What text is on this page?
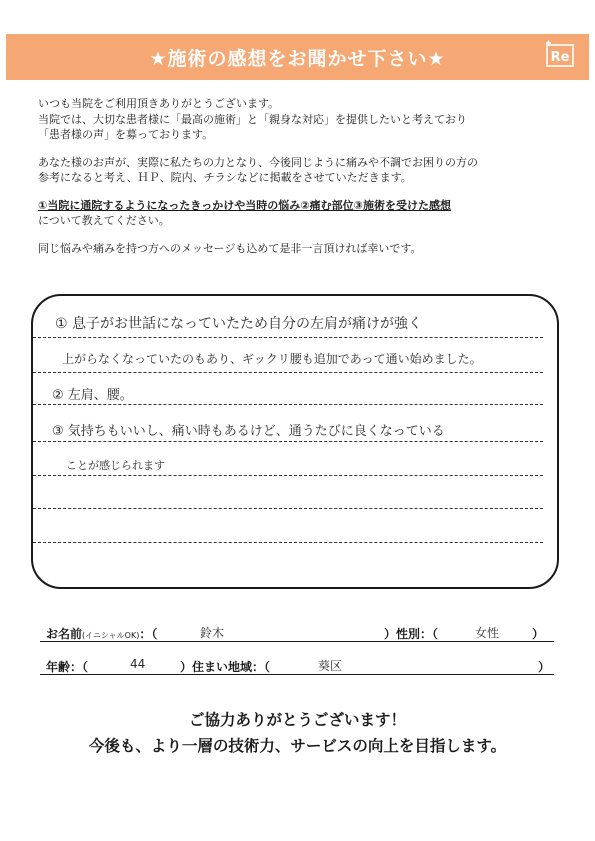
★施術の感想をお聞かせ下さい★	Re

いつも当院をご利用頂きありがとうございます。
当院では、大切な患者様に「最高の施術」と「親身な対応」を提供したいと考えており
「患者様の声」を募っております。

あなた様のお声が、実際に私たちの力となり、今後同じように痛みや不調でお困りの方の
参考になると考え、ＨＰ、院内、チラシなどに掲載をさせていただきます。

①当院に通院するようになったきっかけや当時の悩み②痛む部位③施術を受けた感想

について教えてください。

同じ悩みや痛みを持つ方へのメッセージも込めて是非一言頂ければ幸いです。

① 息子がお世話になっていたため自分の左肩が痛けが強く
上がらなくなっていたのもあり、ギックリ腰も追加であって通い始めました。
② 左肩、腰。
③ 気持ちもいいし、痛い時もあるけど、通うたびに良くなっている
ことが感じられます
お名前(イニシャルOK)：（	鈴木	）性別：（	女性	）
年齢：（	44	）住まい地域：（	葵区	）
ご協力ありがとうございます！
今後も、より一層の技術力、サービスの向上を目指します。
